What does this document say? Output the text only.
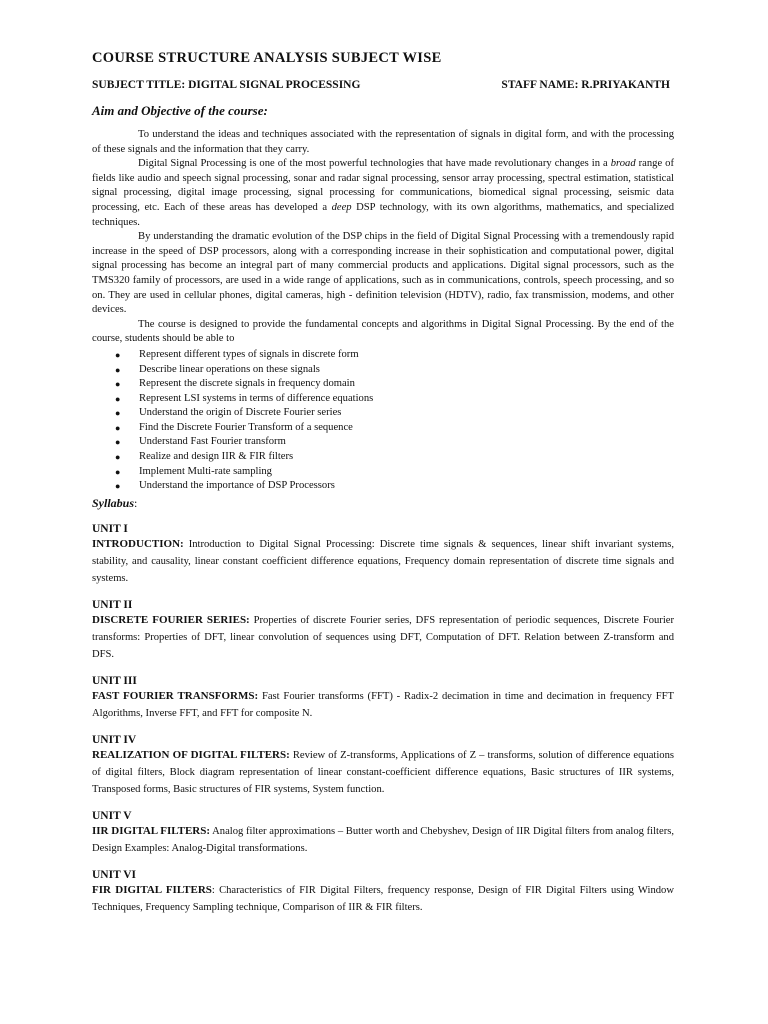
COURSE STRUCTURE ANALYSIS SUBJECT WISE
SUBJECT TITLE: DIGITAL SIGNAL PROCESSING	STAFF NAME: R.PRIYAKANTH
Aim and Objective of the course:

To understand the ideas and techniques associated with the representation of signals in digital form, and with the processing of these signals and the information that they carry.

Digital Signal Processing is one of the most powerful technologies that have made revolutionary changes in a broad range of fields like audio and speech signal processing, sonar and radar signal processing, sensor array processing, spectral estimation, statistical signal processing, digital image processing, signal processing for communications, biomedical signal processing, seismic data processing, etc. Each of these areas has developed a deep DSP technology, with its own algorithms, mathematics, and specialized techniques.

By understanding the dramatic evolution of the DSP chips in the field of Digital Signal Processing with a tremendously rapid increase in the speed of DSP processors, along with a corresponding increase in their sophistication and computational power, digital signal processing has become an integral part of many commercial products and applications. Digital signal processors, such as the TMS320 family of processors, are used in a wide range of applications, such as in communications, controls, speech processing, and so on. They are used in cellular phones, digital cameras, high - definition television (HDTV), radio, fax transmission, modems, and other devices.

The course is designed to provide the fundamental concepts and algorithms in Digital Signal Processing. By the end of the course, students should be able to

● Represent different types of signals in discrete form
● Describe linear operations on these signals
● Represent the discrete signals in frequency domain
● Represent LSI systems in terms of difference equations
● Understand the origin of Discrete Fourier series
● Find the Discrete Fourier Transform of a sequence
● Understand Fast Fourier transform
● Realize and design IIR & FIR filters
● Implement Multi-rate sampling
● Understand the importance of DSP Processors
Syllabus:
UNIT I

INTRODUCTION: Introduction to Digital Signal Processing: Discrete time signals & sequences, linear shift invariant systems, stability, and causality, linear constant coefficient difference equations, Frequency domain representation of discrete time signals and systems.

UNIT II

DISCRETE FOURIER SERIES: Properties of discrete Fourier series, DFS representation of periodic sequences, Discrete Fourier transforms: Properties of DFT, linear convolution of sequences using DFT, Computation of DFT. Relation between Z-transform and DFS.

UNIT III

FAST FOURIER TRANSFORMS: Fast Fourier transforms (FFT) - Radix-2 decimation in time and decimation in frequency FFT Algorithms, Inverse FFT, and FFT for composite N.

UNIT IV

REALIZATION OF DIGITAL FILTERS: Review of Z-transforms, Applications of Z – transforms, solution of difference equations of digital filters, Block diagram representation of linear constant-coefficient difference equations, Basic structures of IIR systems, Transposed forms, Basic structures of FIR systems, System function.

UNIT V

IIR DIGITAL FILTERS: Analog filter approximations – Butter worth and Chebyshev, Design of IIR Digital filters from analog filters, Design Examples: Analog-Digital transformations.

UNIT VI

FIR DIGITAL FILTERS: Characteristics of FIR Digital Filters, frequency response, Design of FIR Digital Filters using Window Techniques, Frequency Sampling technique, Comparison of IIR & FIR filters.
